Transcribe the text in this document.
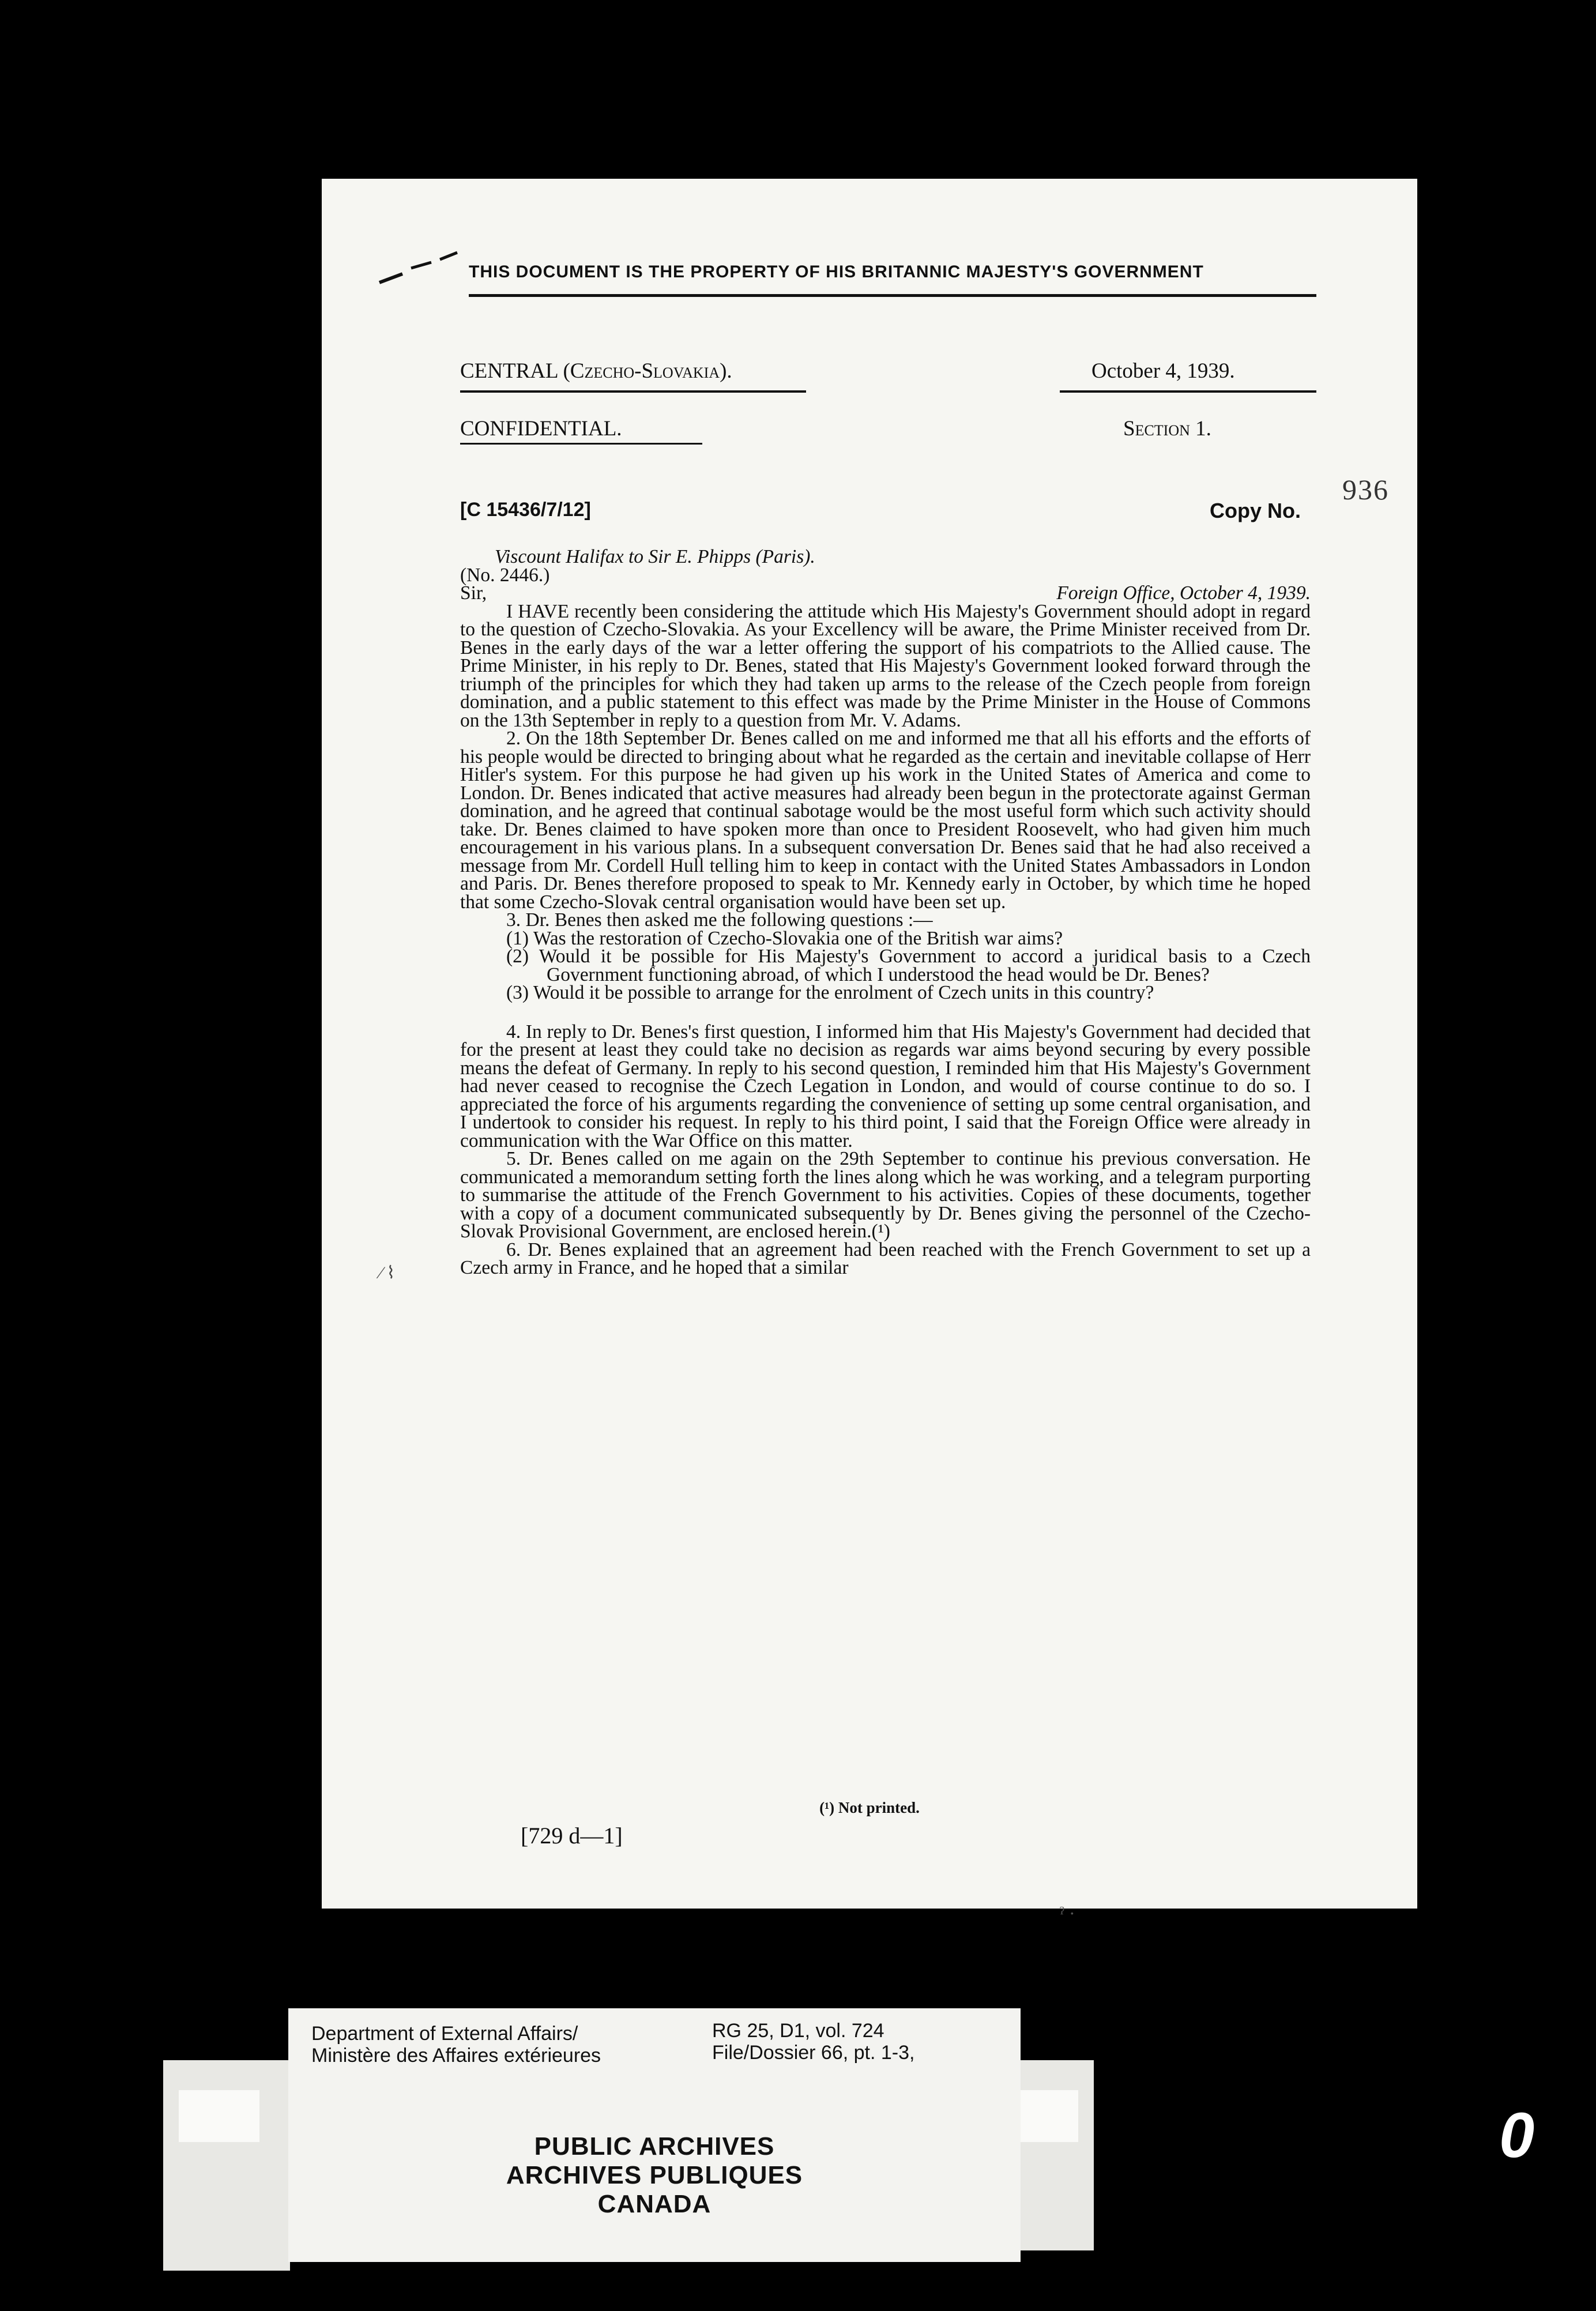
THIS DOCUMENT IS THE PROPERTY OF HIS BRITANNIC MAJESTY'S GOVERNMENT
CENTRAL (Czecho-Slovakia).	October 4, 1939.
CONFIDENTIAL.	Section 1.
[C 15436/7/12]	Copy No.
936

Viscount Halifax to Sir E. Phipps (Paris).

(No. 2446.)

Sir,	Foreign Office, October 4, 1939.

I HAVE recently been considering the attitude which His Majesty's Government should adopt in regard to the question of Czecho-Slovakia. As your Excellency will be aware, the Prime Minister received from Dr. Benes in the early days of the war a letter offering the support of his compatriots to the Allied cause. The Prime Minister, in his reply to Dr. Benes, stated that His Majesty's Government looked forward through the triumph of the principles for which they had taken up arms to the release of the Czech people from foreign domination, and a public statement to this effect was made by the Prime Minister in the House of Commons on the 13th September in reply to a question from Mr. V. Adams.

2. On the 18th September Dr. Benes called on me and informed me that all his efforts and the efforts of his people would be directed to bringing about what he regarded as the certain and inevitable collapse of Herr Hitler's system. For this purpose he had given up his work in the United States of America and come to London. Dr. Benes indicated that active measures had already been begun in the protectorate against German domination, and he agreed that continual sabotage would be the most useful form which such activity should take. Dr. Benes claimed to have spoken more than once to President Roosevelt, who had given him much encouragement in his various plans. In a subsequent conversation Dr. Benes said that he had also received a message from Mr. Cordell Hull telling him to keep in contact with the United States Ambassadors in London and Paris. Dr. Benes therefore proposed to speak to Mr. Kennedy early in October, by which time he hoped that some Czecho-Slovak central organisation would have been set up.

3. Dr. Benes then asked me the following questions :—

(1) Was the restoration of Czecho-Slovakia one of the British war aims?

(2) Would it be possible for His Majesty's Government to accord a juridical basis to a Czech Government functioning abroad, of which I understood the head would be Dr. Benes?

(3) Would it be possible to arrange for the enrolment of Czech units in this country?

4. In reply to Dr. Benes's first question, I informed him that His Majesty's Government had decided that for the present at least they could take no decision as regards war aims beyond securing by every possible means the defeat of Germany. In reply to his second question, I reminded him that His Majesty's Government had never ceased to recognise the Czech Legation in London, and would of course continue to do so. I appreciated the force of his arguments regarding the convenience of setting up some central organisation, and I undertook to consider his request. In reply to his third point, I said that the Foreign Office were already in communication with the War Office on this matter.

5. Dr. Benes called on me again on the 29th September to continue his previous conversation. He communicated a memorandum setting forth the lines along which he was working, and a telegram purporting to summarise the attitude of the French Government to his activities. Copies of these documents, together with a copy of a document communicated subsequently by Dr. Benes giving the personnel of the Czecho-Slovak Provisional Government, are enclosed herein.(¹)

6. Dr. Benes explained that an agreement had been reached with the French Government to set up a Czech army in France, and he hoped that a similar

⁄ ⌇
(¹) Not printed.
[729 d—1]
ˀ ·
Department of External Affairs/
Ministère des Affaires extérieures
RG 25, D1, vol. 724
File/Dossier 66, pt. 1-3,
PUBLIC ARCHIVES
ARCHIVES PUBLIQUES
CANADA
0
